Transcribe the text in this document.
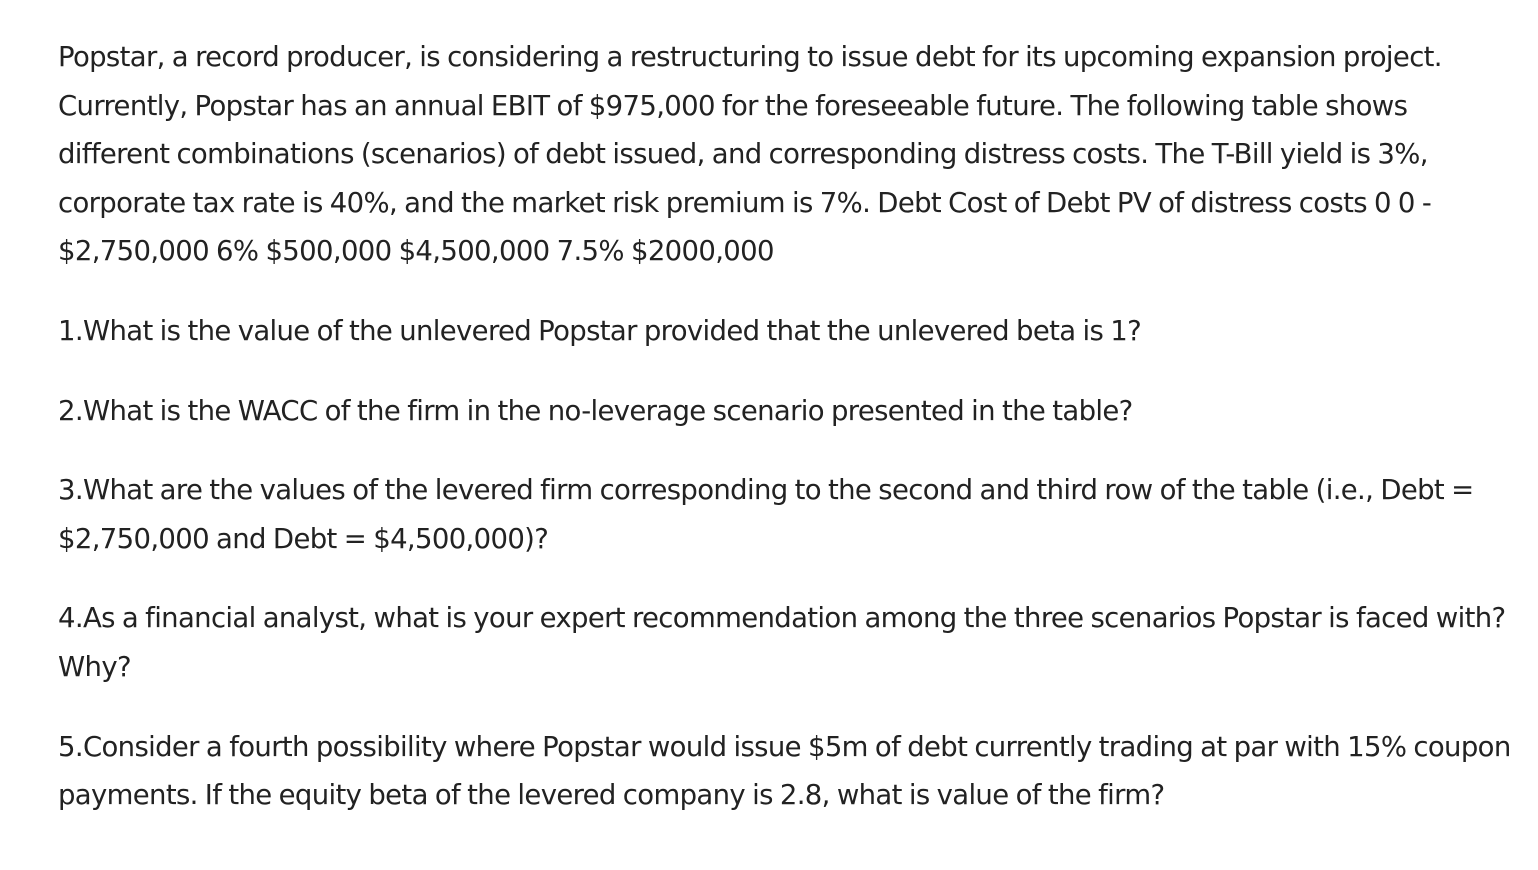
Popstar, a record producer, is considering a restructuring to issue debt for its upcoming expansion project. Currently, Popstar has an annual EBIT of $975,000 for the foreseeable future. The following table shows different combinations (scenarios) of debt issued, and corresponding distress costs. The T-Bill yield is 3%, corporate tax rate is 40%, and the market risk premium is 7%. Debt Cost of Debt PV of distress costs 0 0 - $2,750,000 6% $500,000 $4,500,000 7.5% $2000,000

1.What is the value of the unlevered Popstar provided that the unlevered beta is 1?

2.What is the WACC of the firm in the no-leverage scenario presented in the table?

3.What are the values of the levered firm corresponding to the second and third row of the table (i.e., Debt = $2,750,000 and Debt = $4,500,000)?

4.As a financial analyst, what is your expert recommendation among the three scenarios Popstar is faced with? Why?

5.Consider a fourth possibility where Popstar would issue $5m of debt currently trading at par with 15% coupon payments. If the equity beta of the levered company is 2.8, what is value of the firm?
